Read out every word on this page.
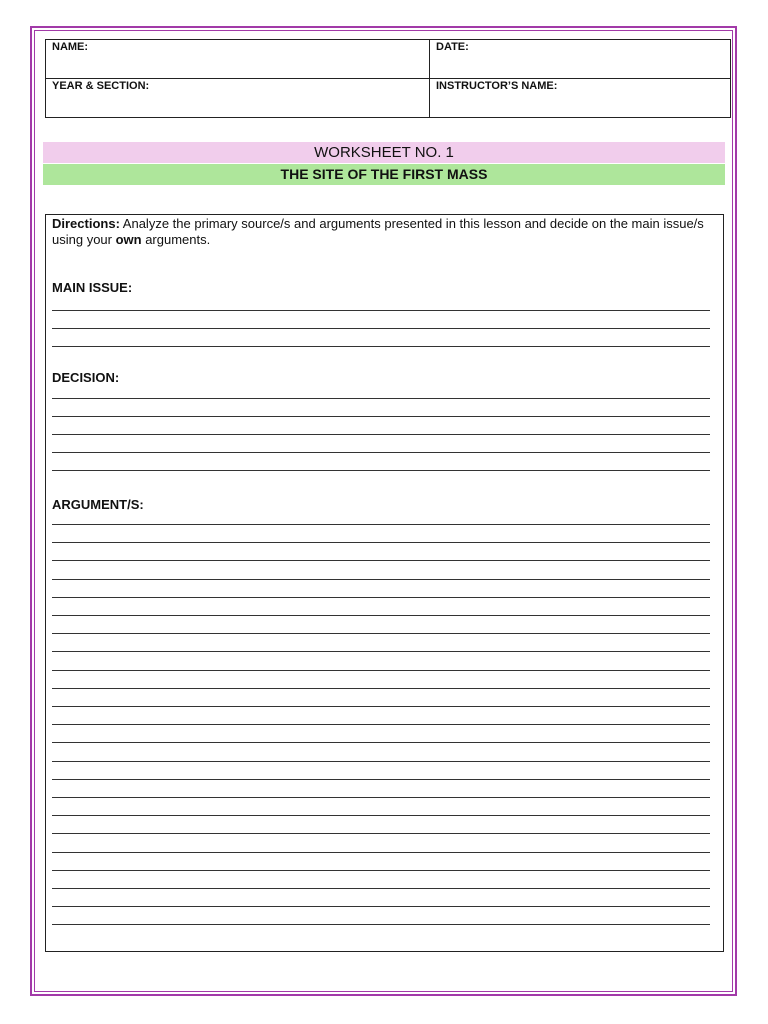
NAME:	DATE:
YEAR & SECTION:	INSTRUCTOR’S NAME:
WORKSHEET NO. 1
THE SITE OF THE FIRST MASS
Directions: Analyze the primary source/s and arguments presented in this lesson and decide on the main issue/s using your own arguments.
MAIN ISSUE:
DECISION:
ARGUMENT/S:
